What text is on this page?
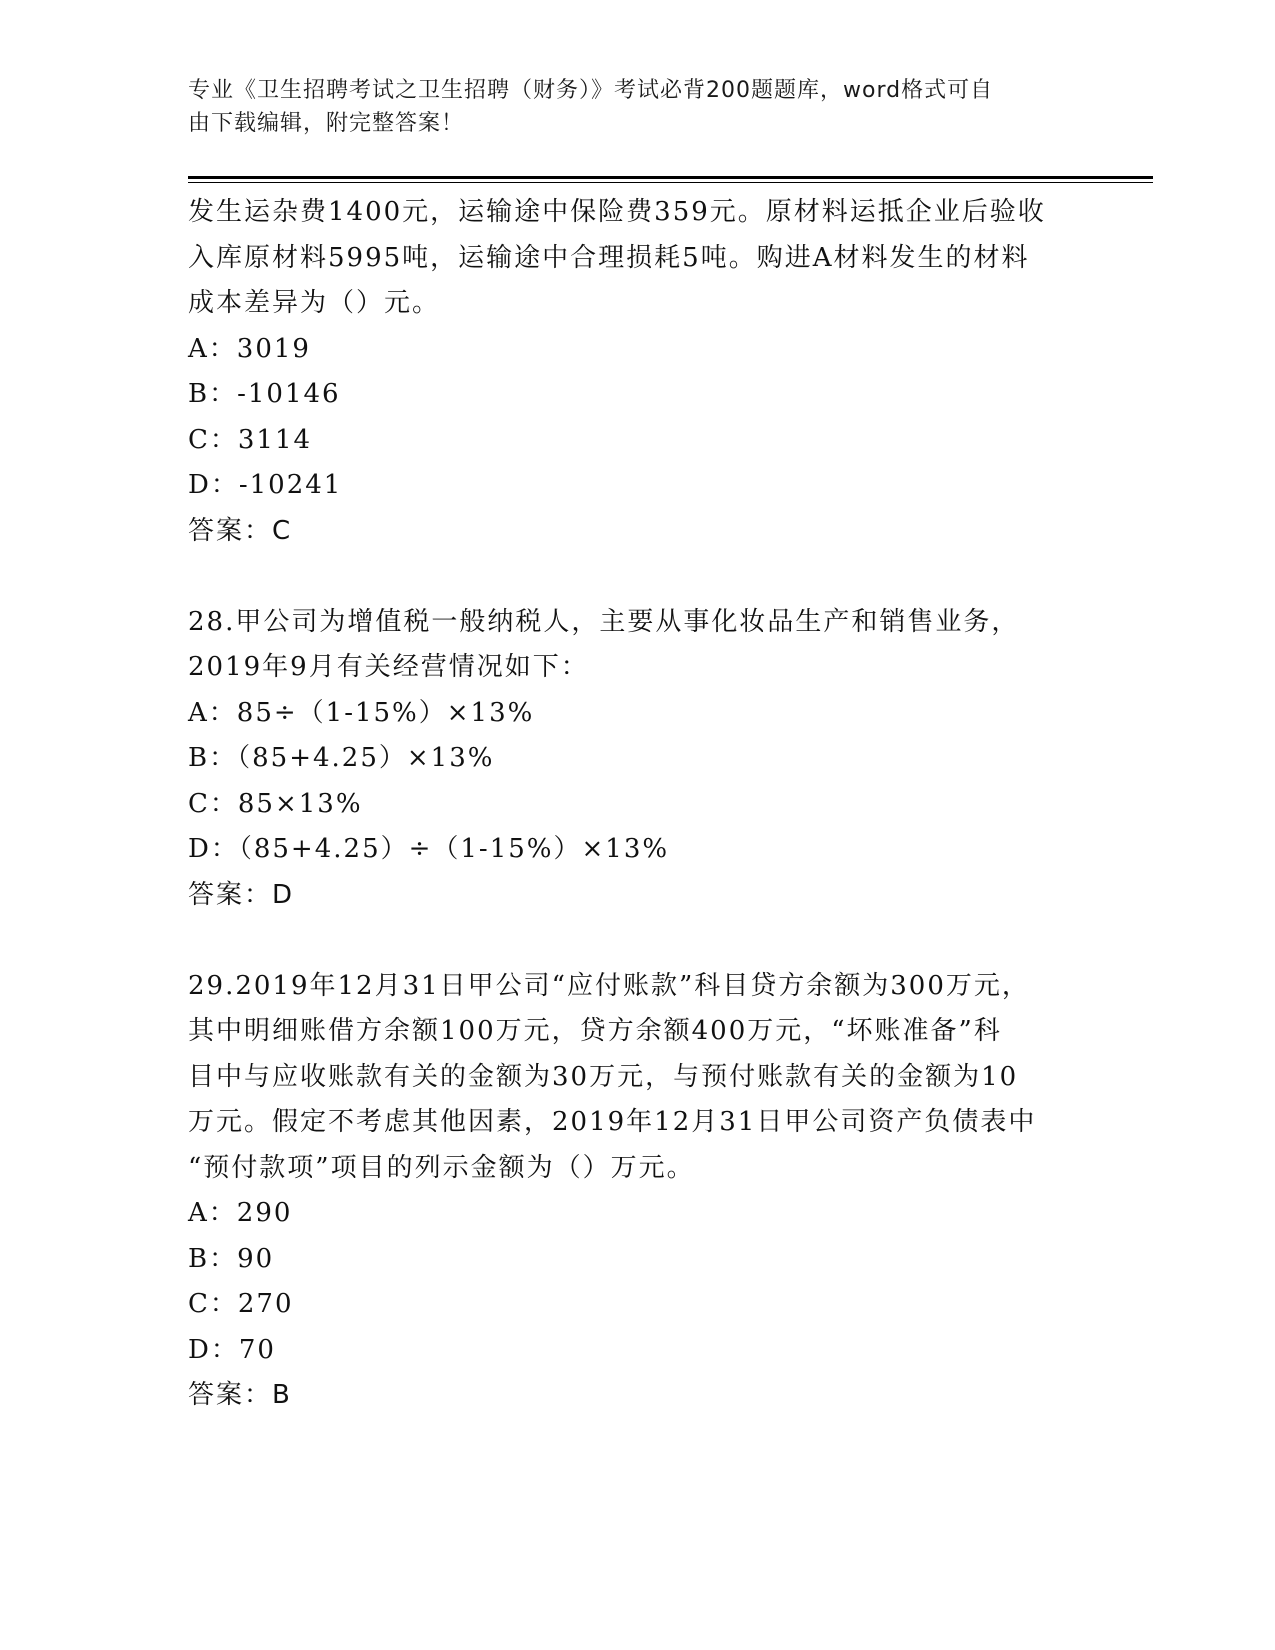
专业《卫生招聘考试之卫生招聘（财务）》考试必背200题题库，word格式可自
由下载编辑，附完整答案！
发生运杂费1400元，运输途中保险费359元。原材料运抵企业后验收
入库原材料5995吨，运输途中合理损耗5吨。购进A材料发生的材料
成本差异为（）元。
A：3019
B：-10146
C：3114
D：-10241
答案：C
28.甲公司为增值税一般纳税人，主要从事化妆品生产和销售业务，
2019年9月有关经营情况如下：
A：85÷（1-15%）×13%
B：（85+4.25）×13%
C：85×13%
D：（85+4.25）÷（1-15%）×13%
答案：D
29.2019年12月31日甲公司“应付账款”科目贷方余额为300万元，
其中明细账借方余额100万元，贷方余额400万元，“坏账准备”科
目中与应收账款有关的金额为30万元，与预付账款有关的金额为10
万元。假定不考虑其他因素，2019年12月31日甲公司资产负债表中
“预付款项”项目的列示金额为（）万元。
A：290
B：90
C：270
D：70
答案：B
